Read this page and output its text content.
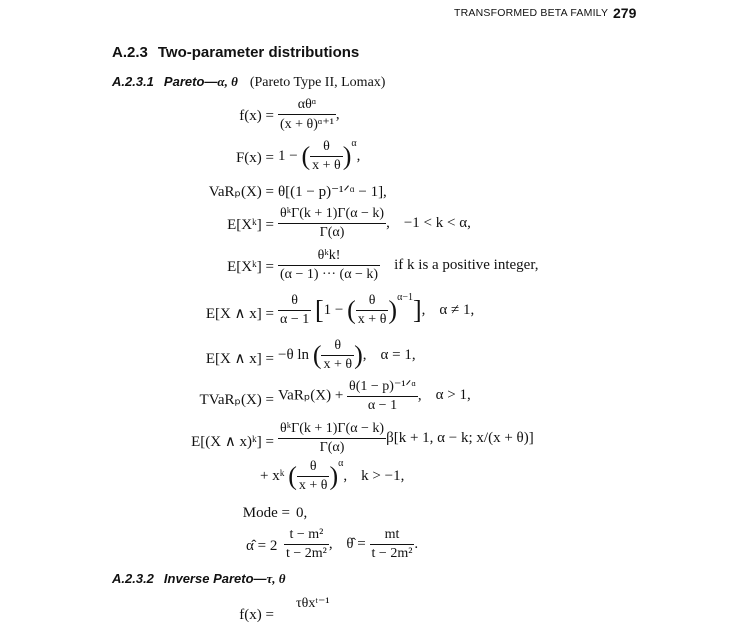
TRANSFORMED BETA FAMILY 279
A.2.3 Two-parameter distributions
A.2.3.1 Pareto—α, θ (Pareto Type II, Lomax)
f(x) =
αθᵅ
(x + θ)ᵅ⁺¹
,
F(x) = 1 − ( $\frac{\theta}{x + \theta} )^\alpha$,
VaRₚ(X) = θ[(1 − p)⁻¹ᐟᵅ − 1],
E[Xᵏ] =
θᵏΓ(k + 1)Γ(α − k)
Γ(α)
, −1 < k < α,
E[Xᵏ] =
θᵏk!
(α − 1) ··· (α − k)
if k is a positive integer,
E[X ∧ $x] = \frac{\theta}{\alpha - 1} [1$ − ( $\frac{\theta}{x + \theta} )^{\alpha-1}$], α ≠ 1,
E[X ∧ x] = −θ ln ( $\frac{\theta}{x + \theta}$ ), α = 1,
TVaRₚ(X) = VaRₚ(X) +
θ(1 − p)⁻¹ᐟᵅ
α − 1
, α > 1,
E[(X ∧ x)ᵏ] =
θᵏΓ(k + 1)Γ(α − k)
Γ(α)
β[k + 1, α − k; x/(x + θ)]
+ xᵏ ( $\frac{\theta}{x + \theta} )^\alpha$, k > −1,
Mode = 0,
α̂ = $2 \frac{\text{t − m²}}{\text{t − 2m²}}$ , θ̂ = $\frac{mt}{\text{t − 2m²}}$ .
A.2.3.2 Inverse Pareto—τ, θ
f(x) =
τθxᵗ⁻¹
